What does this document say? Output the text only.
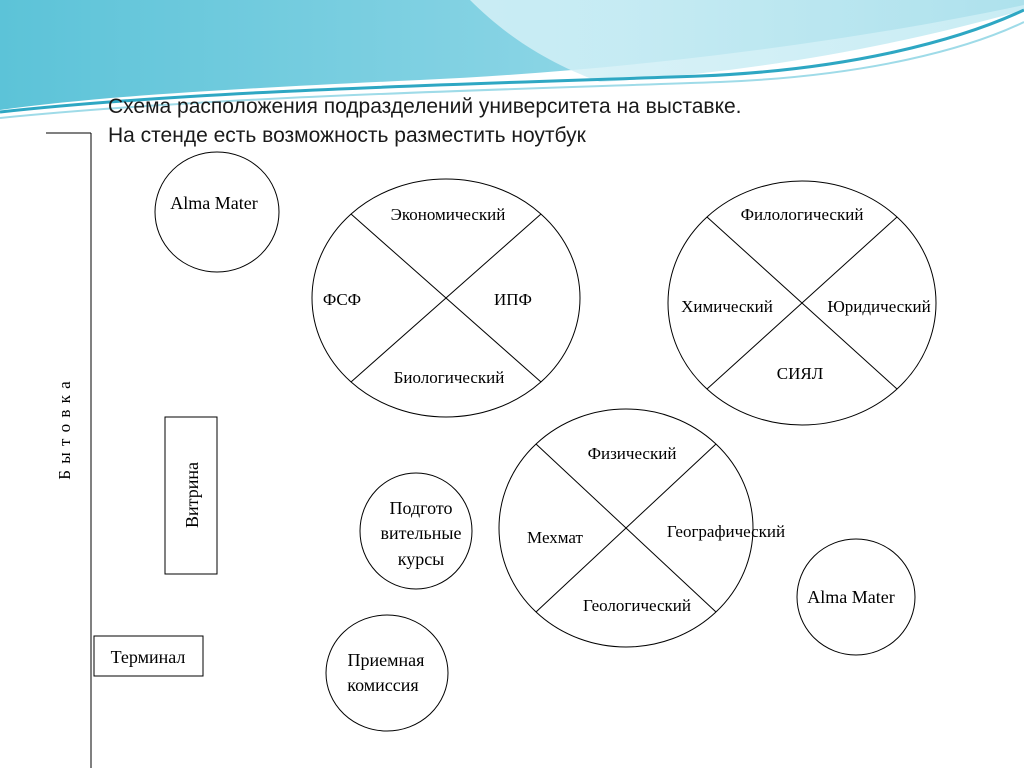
Схема расположения подразделений университета на выставке.
На стенде есть возможность разместить ноутбук
Б ы т о в к а
Витрина
Терминал
Alma Mater
Экономический
ФСФ	ИПФ
Биологический
Филологический
Химический	Юридический
СИЯЛ
Физический
Мехмат	Географический
Геологический
Подгото
вительные
курсы
Приемная
комиссия
Alma Mater
